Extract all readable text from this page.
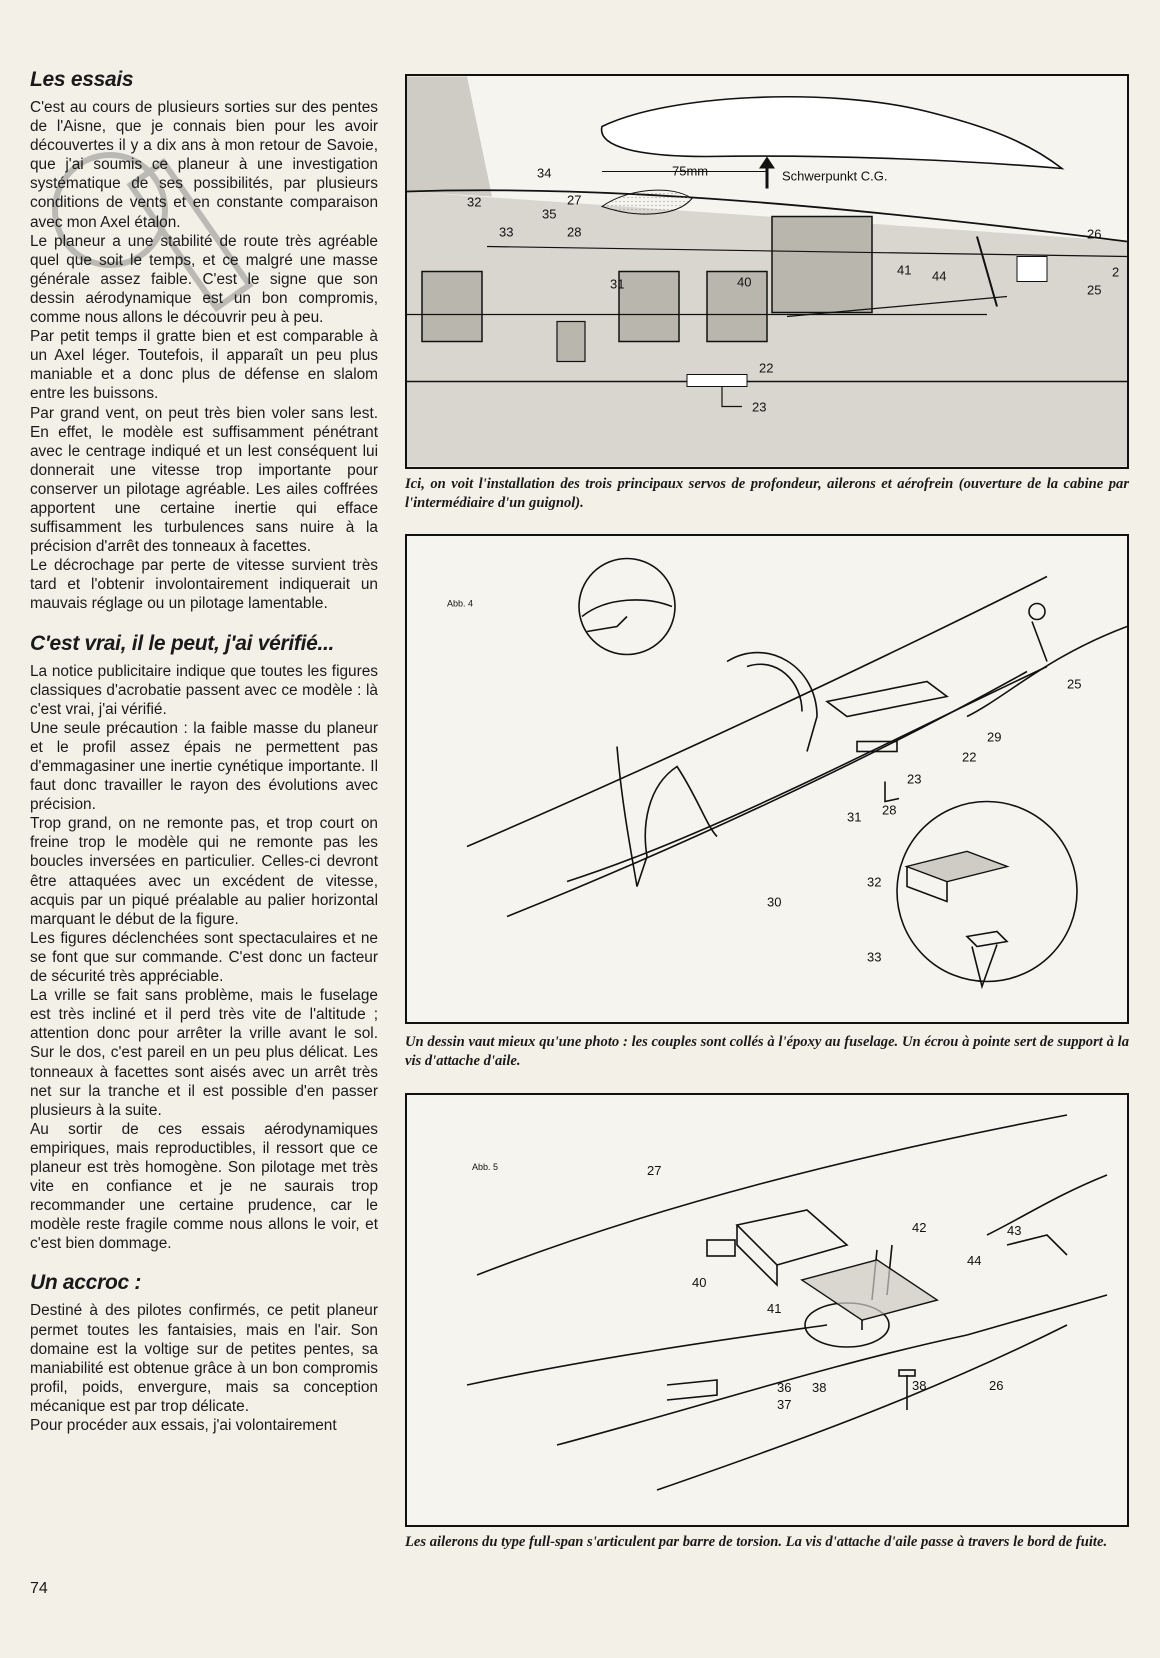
Les essais

C'est au cours de plusieurs sorties sur des pentes de l'Aisne, que je connais bien pour les avoir découvertes il y a dix ans à mon retour de Savoie, que j'ai soumis ce planeur à une investigation systématique de ses possibilités, par plusieurs conditions de vents et en constante comparaison avec mon Axel étalon.

Le planeur a une stabilité de route très agréable quel que soit le temps, et ce malgré une masse générale assez faible. C'est le signe que son dessin aérodynamique est un bon compromis, comme nous allons le découvrir peu à peu.

Par petit temps il gratte bien et est comparable à un Axel léger. Toutefois, il apparaît un peu plus maniable et a donc plus de défense en slalom entre les buissons.

Par grand vent, on peut très bien voler sans lest. En effet, le modèle est suffisamment pénétrant avec le centrage indiqué et un lest conséquent lui donnerait une vitesse trop importante pour conserver un pilotage agréable. Les ailes coffrées apportent une certaine inertie qui efface suffisamment les turbulences sans nuire à la précision d'arrêt des tonneaux à facettes.

Le décrochage par perte de vitesse survient très tard et l'obtenir involontairement indiquerait un mauvais réglage ou un pilotage lamentable.

C'est vrai, il le peut, j'ai vérifié...

La notice publicitaire indique que toutes les figures classiques d'acrobatie passent avec ce modèle : là c'est vrai, j'ai vérifié.

Une seule précaution : la faible masse du planeur et le profil assez épais ne permettent pas d'emmagasiner une inertie cynétique importante. Il faut donc travailler le rayon des évolutions avec précision.

Trop grand, on ne remonte pas, et trop court on freine trop le modèle qui ne remonte pas les boucles inversées en particulier. Celles-ci devront être attaquées avec un excédent de vitesse, acquis par un piqué préalable au palier horizontal marquant le début de la figure.

Les figures déclenchées sont spectaculaires et ne se font que sur commande. C'est donc un facteur de sécurité très appréciable.

La vrille se fait sans problème, mais le fuselage est très incliné et il perd très vite de l'altitude ; attention donc pour arrêter la vrille avant le sol. Sur le dos, c'est pareil en un peu plus délicat. Les tonneaux à facettes sont aisés avec un arrêt très net sur la tranche et il est possible d'en passer plusieurs à la suite.

Au sortir de ces essais aérodynamiques empiriques, mais reproductibles, il ressort que ce planeur est très homogène. Son pilotage met très vite en confiance et je ne saurais trop recommander une certaine prudence, car le modèle reste fragile comme nous allons le voir, et c'est bien dommage.

Un accroc :

Destiné à des pilotes confirmés, ce petit planeur permet toutes les fantaisies, mais en l'air. Son domaine est la voltige sur de petites pentes, sa maniabilité est obtenue grâce à un bon compromis profil, poids, envergure, mais sa conception mécanique est par trop délicate.

Pour procéder aux essais, j'ai volontairement

74
75mm	Schwerpunkt C.G.
34
32	27
35
33	28
31	40
41 44
26
2
25
22
23
Ici, on voit l'installation des trois principaux servos de profondeur, ailerons et aérofrein (ouverture de la cabine par l'intermédiaire d'un guignol).
Abb. 4
25
29
22
23
31 28
30
32
33
Un dessin vaut mieux qu'une photo : les couples sont collés à l'époxy au fuselage. Un écrou à pointe sert de support à la vis d'attache d'aile.
Abb. 5	27
42	43
44
40
41
36 38
37
38	26
Les ailerons du type full-span s'articulent par barre de torsion. La vis d'attache d'aile passe à travers le bord de fuite.
